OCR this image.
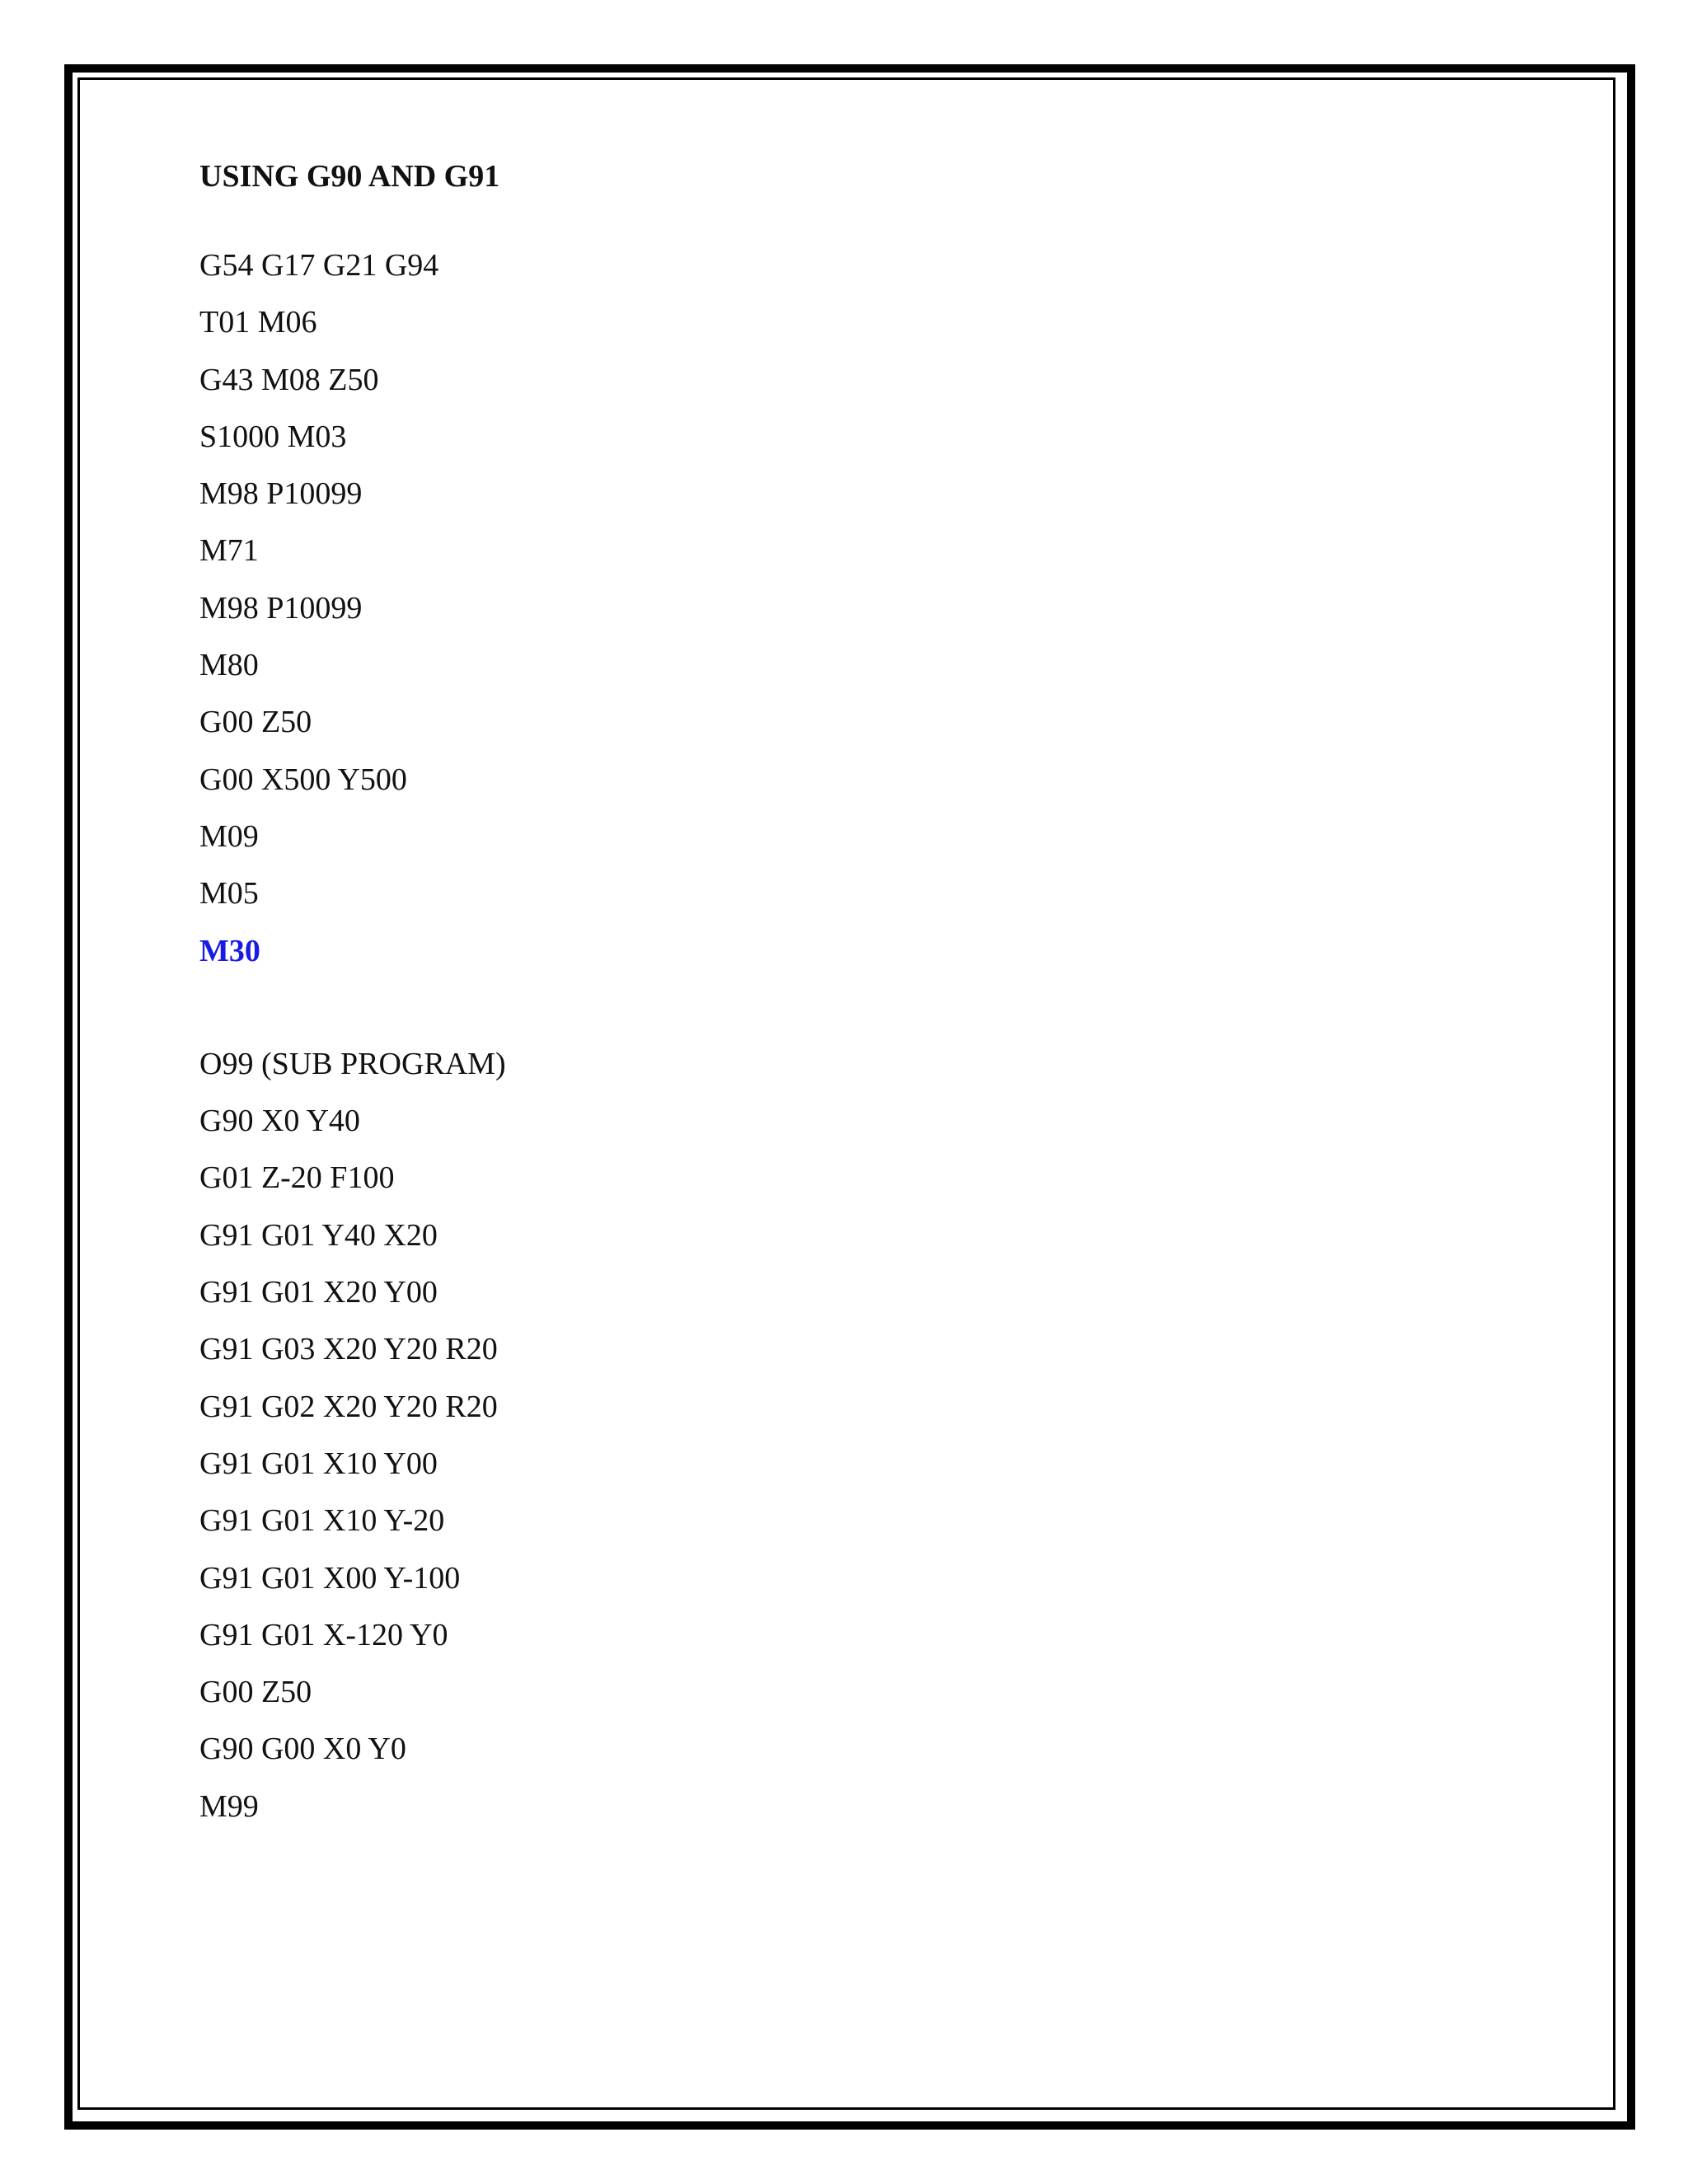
USING G90 AND G91
G54 G17 G21 G94
T01 M06
G43 M08 Z50
S1000 M03
M98 P10099
M71
M98 P10099
M80
G00 Z50
G00 X500 Y500
M09
M05
M30
O99 (SUB PROGRAM)
G90 X0 Y40
G01 Z-20 F100
G91 G01 Y40 X20
G91 G01 X20 Y00
G91 G03 X20 Y20 R20
G91 G02 X20 Y20 R20
G91 G01 X10 Y00
G91 G01 X10 Y-20
G91 G01 X00 Y-100
G91 G01 X-120 Y0
G00 Z50
G90 G00 X0 Y0
M99
